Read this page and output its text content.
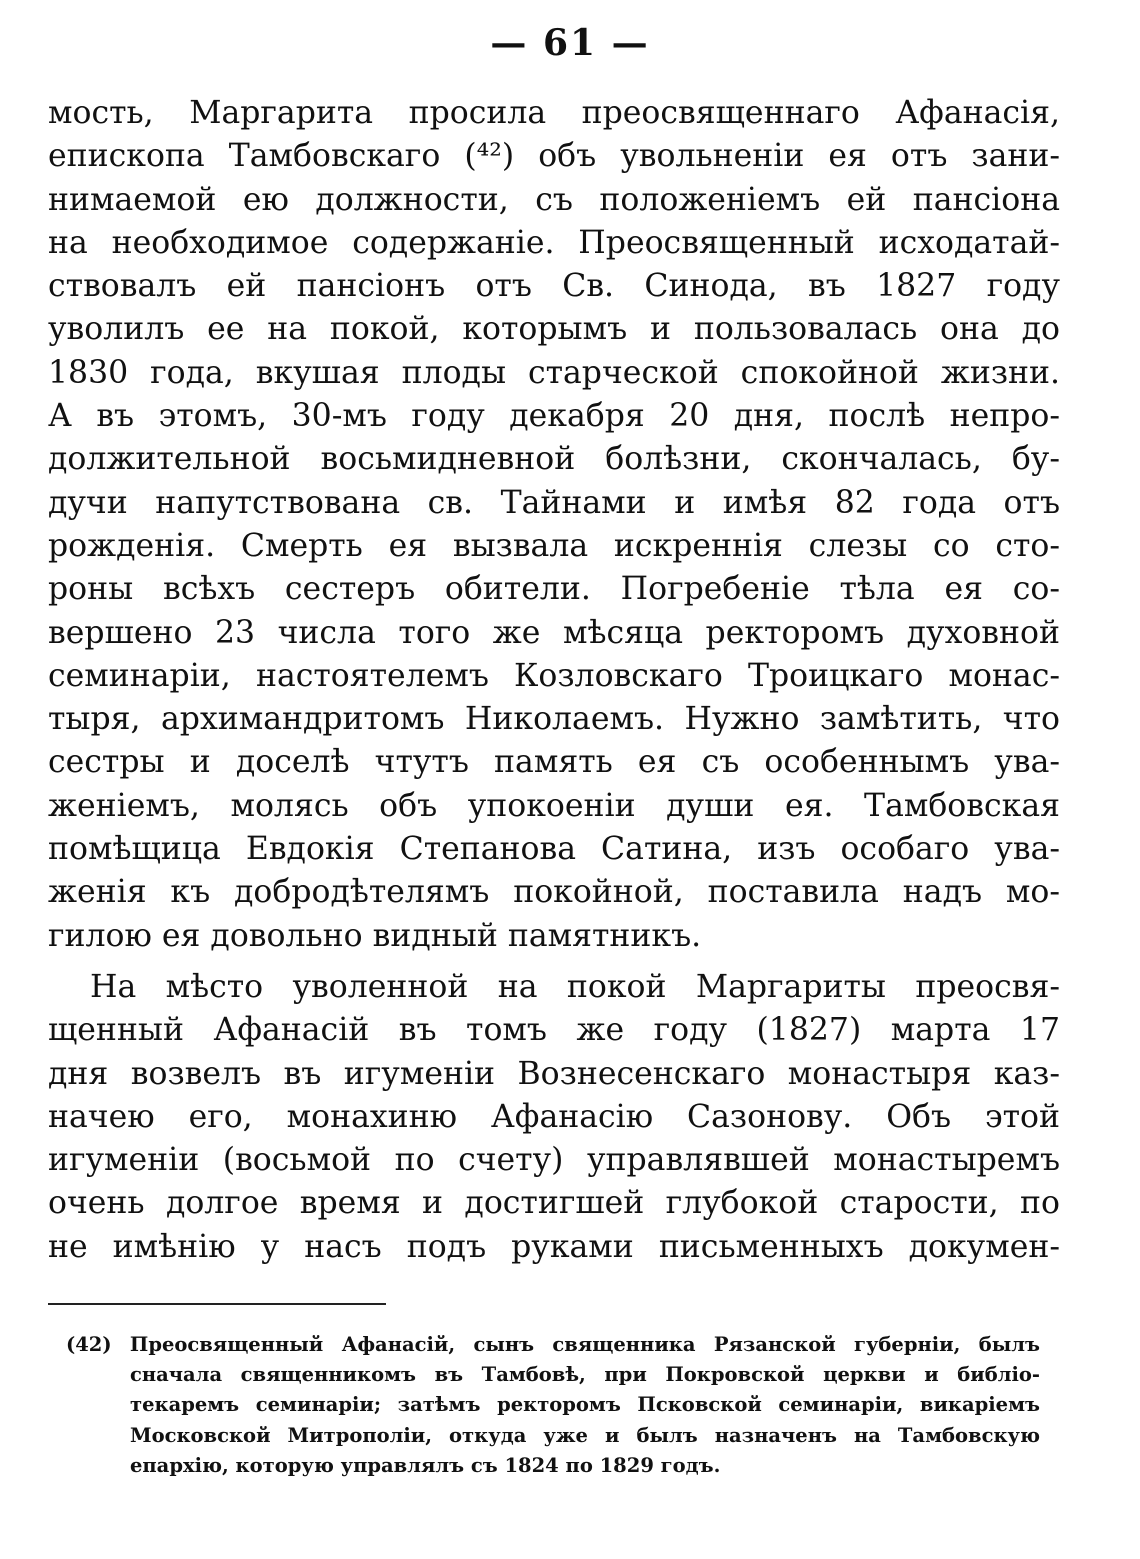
— 61 —
мость, Маргарита просила преосвященнаго Афанасія,
епископа Тамбовскаго (⁴²) объ увольненіи ея отъ зани-
нимаемой ею должности, съ положеніемъ ей пансіона
на необходимое содержаніе. Преосвященный исходатай-
ствовалъ ей пансіонъ отъ Св. Синода, въ 1827 году
уволилъ ее на покой, которымъ и пользовалась она до
1830 года, вкушая плоды старческой спокойной жизни.
А въ этомъ, 30-мъ году декабря 20 дня, послѣ непро-
должительной восьмидневной болѣзни, скончалась, бу-
дучи напутствована св. Тайнами и имѣя 82 года отъ
рожденія. Смерть ея вызвала искреннія слезы со сто-
роны всѣхъ сестеръ обители. Погребеніе тѣла ея со-
вершено 23 числа того же мѣсяца ректоромъ духовной
семинаріи, настоятелемъ Козловскаго Троицкаго монас-
тыря, архимандритомъ Николаемъ. Нужно замѣтить, что
сестры и доселѣ чтутъ память ея съ особеннымъ ува-
женіемъ, молясь объ упокоеніи души ея. Тамбовская
помѣщица Евдокія Степанова Сатина, изъ особаго ува-
женія къ добродѣтелямъ покойной, поставила надъ мо-
гилою ея довольно видный памятникъ.
На мѣсто уволенной на покой Маргариты преосвя-
щенный Афанасій въ томъ же году (1827) марта 17
дня возвелъ въ игуменіи Вознесенскаго монастыря каз-
начею его, монахиню Афанасію Сазонову. Объ этой
игуменіи (восьмой по счету) управлявшей монастыремъ
очень долгое время и достигшей глубокой старости, по
не имѣнію у насъ подъ руками письменныхъ докумен-
(42) Преосвященный Афанасій, сынъ священника Рязанской губерніи, былъ
сначала священникомъ въ Тамбовѣ, при Покровской церкви и библіо-
текаремъ семинаріи; затѣмъ ректоромъ Псковской семинаріи, викаріемъ
Московской Митрополіи, откуда уже и былъ назначенъ на Тамбовскую
епархію, которую управлялъ съ 1824 по 1829 годъ.
